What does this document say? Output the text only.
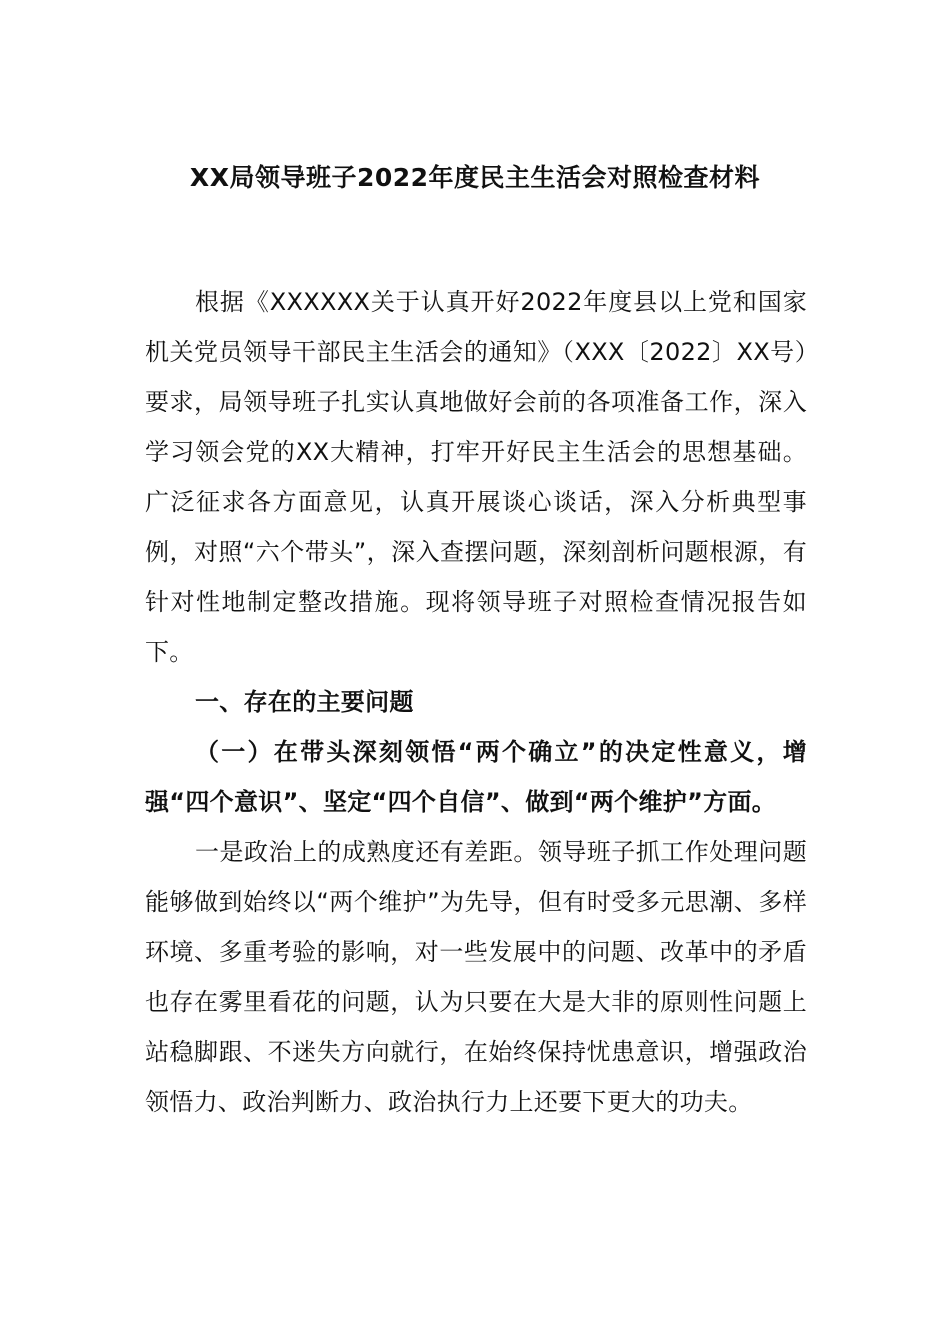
XX局领导班子2022年度民主生活会对照检查材料

根据《XXXXXX关于认真开好2022年度县以上党和国家机关党员领导干部民主生活会的通知》（XXX〔2022〕XX号）要求，局领导班子扎实认真地做好会前的各项准备工作，深入学习领会党的XX大精神，打牢开好民主生活会的思想基础。广泛征求各方面意见，认真开展谈心谈话，深入分析典型事例，对照“六个带头”，深入查摆问题，深刻剖析问题根源，有针对性地制定整改措施。现将领导班子对照检查情况报告如下。

一、存在的主要问题

（一）在带头深刻领悟“两个确立”的决定性意义，增强“四个意识”、坚定“四个自信”、做到“两个维护”方面。

一是政治上的成熟度还有差距。领导班子抓工作处理问题能够做到始终以“两个维护”为先导，但有时受多元思潮、多样环境、多重考验的影响，对一些发展中的问题、改革中的矛盾也存在雾里看花的问题，认为只要在大是大非的原则性问题上站稳脚跟、不迷失方向就行，在始终保持忧患意识，增强政治领悟力、政治判断力、政治执行力上还要下更大的功夫。
